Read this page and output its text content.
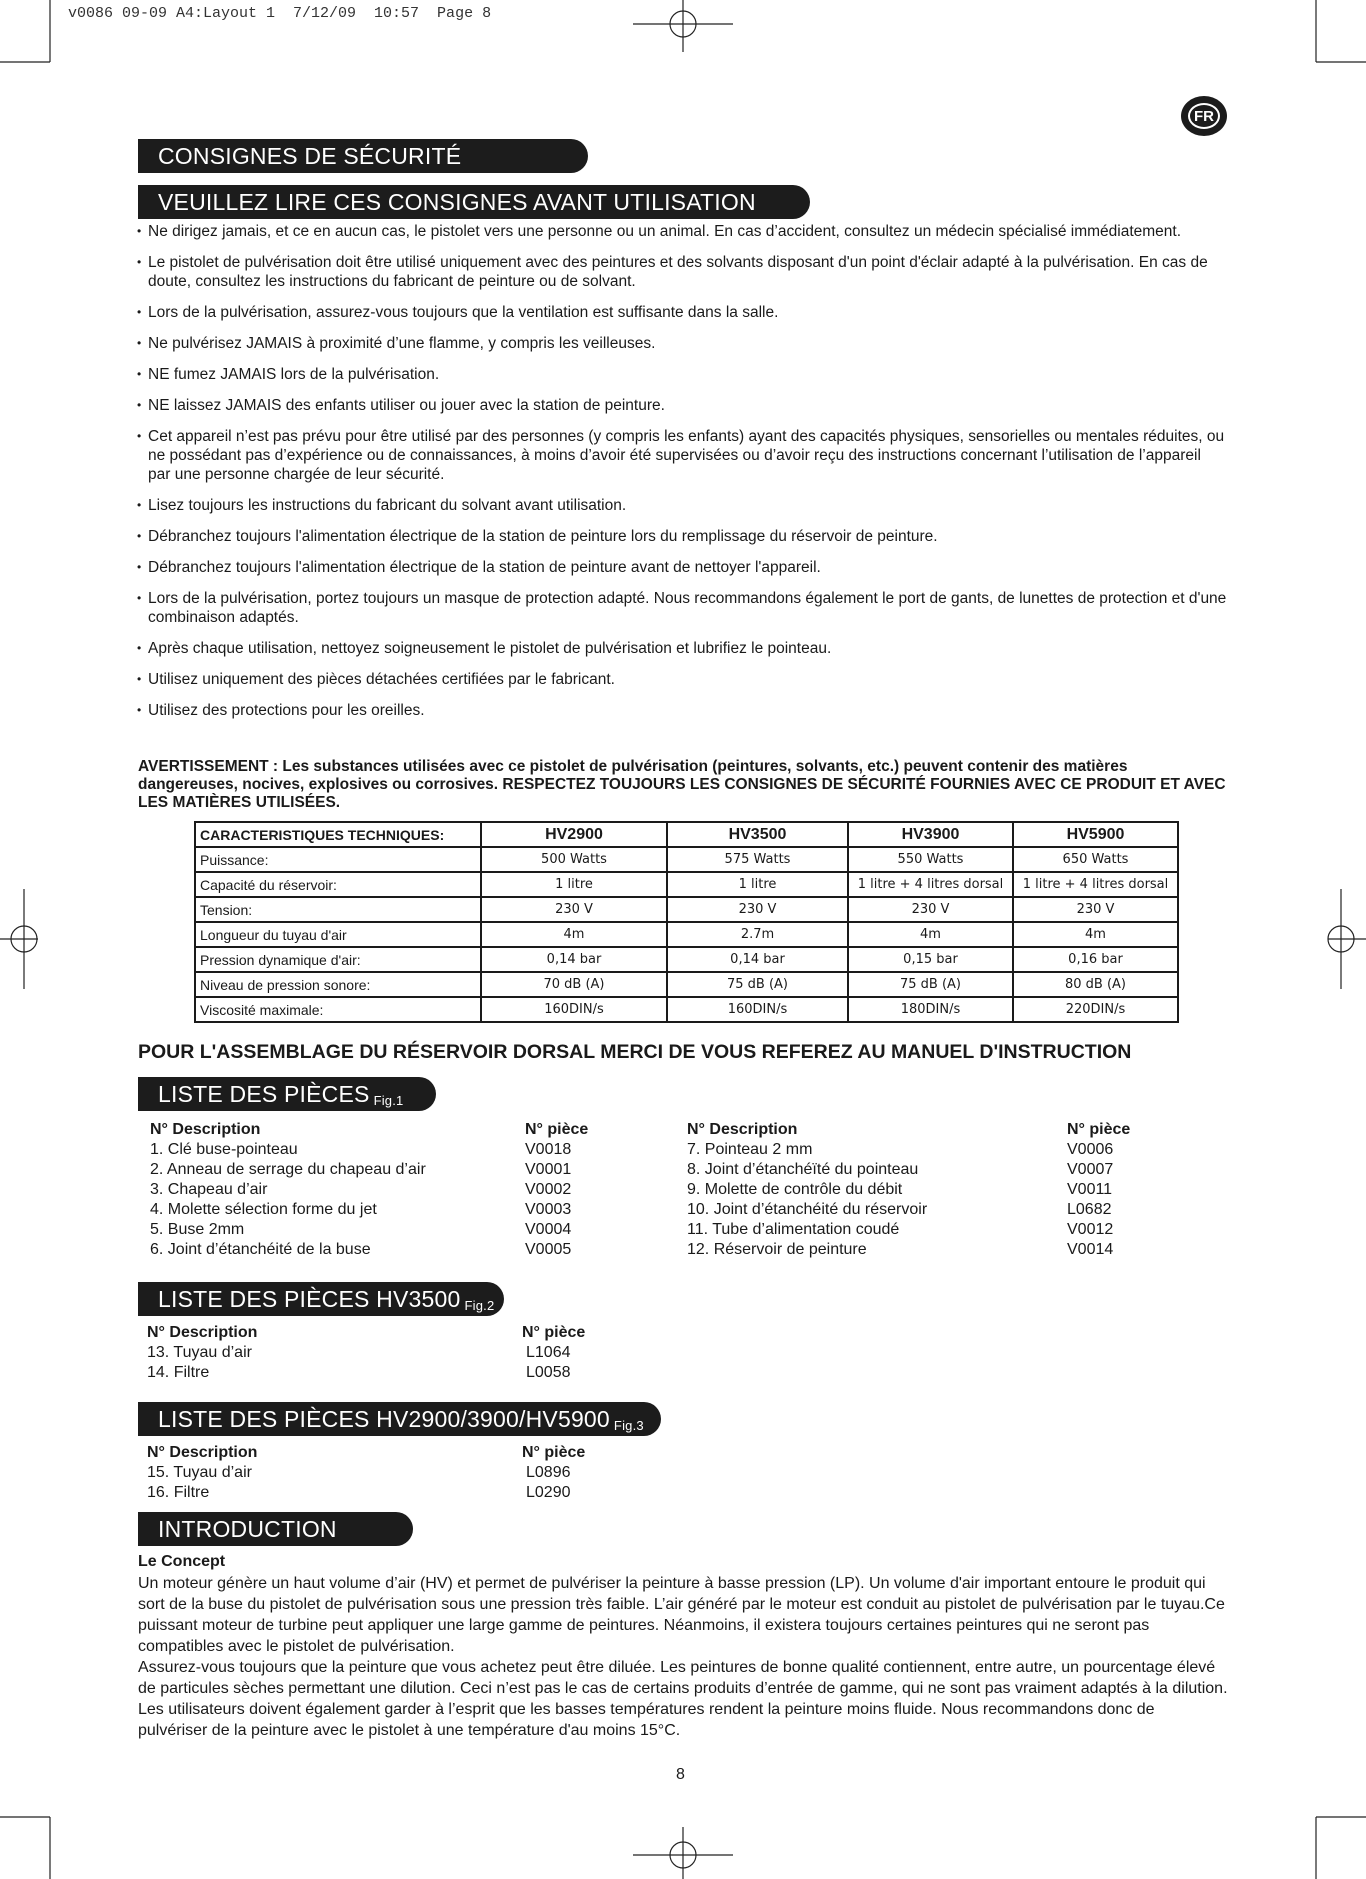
v0086 09-09 A4:Layout 1  7/12/09  10:57  Page 8
FR
CONSIGNES DE SÉCURITÉ
VEUILLEZ LIRE CES CONSIGNES AVANT UTILISATION
• Ne dirigez jamais, et ce en aucun cas, le pistolet vers une personne ou un animal. En cas d’accident, consultez un médecin spécialisé immédiatement.
• Le pistolet de pulvérisation doit être utilisé uniquement avec des peintures et des solvants disposant d'un point d'éclair adapté à la pulvérisation. En cas de doute, consultez les instructions du fabricant de peinture ou de solvant.
• Lors de la pulvérisation, assurez-vous toujours que la ventilation est suffisante dans la salle.
• Ne pulvérisez JAMAIS à proximité d’une flamme, y compris les veilleuses.
• NE fumez JAMAIS lors de la pulvérisation.
• NE laissez JAMAIS des enfants utiliser ou jouer avec la station de peinture.
• Cet appareil n’est pas prévu pour être utilisé par des personnes (y compris les enfants) ayant des capacités physiques, sensorielles ou mentales réduites, ou ne possédant pas d’expérience ou de connaissances, à moins d’avoir été supervisées ou d’avoir reçu des instructions concernant l’utilisation de l’appareil par une personne chargée de leur sécurité.
• Lisez toujours les instructions du fabricant du solvant avant utilisation.
• Débranchez toujours l'alimentation électrique de la station de peinture lors du remplissage du réservoir de peinture.
• Débranchez toujours l'alimentation électrique de la station de peinture avant de nettoyer l'appareil.
• Lors de la pulvérisation, portez toujours un masque de protection adapté. Nous recommandons également le port de gants, de lunettes de protection et d'une combinaison adaptés.
• Après chaque utilisation, nettoyez soigneusement le pistolet de pulvérisation et lubrifiez le pointeau.
• Utilisez uniquement des pièces détachées certifiées par le fabricant.
• Utilisez des protections pour les oreilles.
AVERTISSEMENT : Les substances utilisées avec ce pistolet de pulvérisation (peintures, solvants, etc.) peuvent contenir des matières dangereuses, nocives, explosives ou corrosives. RESPECTEZ TOUJOURS LES CONSIGNES DE SÉCURITÉ FOURNIES AVEC CE PRODUIT ET AVEC LES MATIÈRES UTILISÉES.
CARACTERISTIQUES TECHNIQUES:	HV2900	HV3500	HV3900	HV5900
Puissance:	500 Watts	575 Watts	550 Watts	650 Watts
Capacité du réservoir:	1 litre	1 litre	1 litre + 4 litres dorsal	1 litre + 4 litres dorsal
Tension:	230 V	230 V	230 V	230 V
Longueur du tuyau d'air	4m	2.7m	4m	4m
Pression dynamique d'air:	0,14 bar	0,14 bar	0,15 bar	0,16 bar
Niveau de pression sonore:	70 dB (A)	75 dB (A)	75 dB (A)	80 dB (A)
Viscosité maximale:	160DIN/s	160DIN/s	180DIN/s	220DIN/s
POUR L'ASSEMBLAGE DU RÉSERVOIR DORSAL MERCI DE VOUS REFEREZ AU MANUEL D'INSTRUCTION
LISTE DES PIÈCES $_{Fig.1}$
N° Description	N° pièce
1. Clé buse-pointeau	V0018
2. Anneau de serrage du chapeau d’air	V0001
3. Chapeau d’air	V0002
4. Molette sélection forme du jet	V0003
5. Buse 2mm	V0004
6. Joint d’étanchéité de la buse	V0005
N° Description	N° pièce
7. Pointeau 2 mm	V0006
8. Joint d’étanchéïté du pointeau	V0007
9. Molette de contrôle du débit	V0011
10. Joint d’étanchéité du réservoir	L0682
11. Tube d’alimentation coudé	V0012
12. Réservoir de peinture	V0014
LISTE DES PIÈCES HV3500 $_{Fig.2}$
N° Description	N° pièce
13. Tuyau d’air	L1064
14. Filtre	L0058
LISTE DES PIÈCES HV2900/3900/HV5900 $_{Fig.3}$
N° Description	N° pièce
15. Tuyau d’air	L0896
16. Filtre	L0290
INTRODUCTION
Le Concept

Un moteur génère un haut volume d’air (HV) et permet de pulvériser la peinture à basse pression (LP). Un volume d'air important entoure le produit qui sort de la buse du pistolet de pulvérisation sous une pression très faible. L’air généré par le moteur est conduit au pistolet de pulvérisation par le tuyau.Ce puissant moteur de turbine peut appliquer une large gamme de peintures. Néanmoins, il existera toujours certaines peintures qui ne seront pas compatibles avec le pistolet de pulvérisation.

Assurez-vous toujours que la peinture que vous achetez peut être diluée. Les peintures de bonne qualité contiennent, entre autre, un pourcentage élevé de particules sèches permettant une dilution. Ceci n’est pas le cas de certains produits d’entrée de gamme, qui ne sont pas vraiment adaptés à la dilution. Les utilisateurs doivent également garder à l’esprit que les basses températures rendent la peinture moins fluide. Nous recommandons donc de pulvériser de la peinture avec le pistolet à une température d'au moins 15°C.

8
